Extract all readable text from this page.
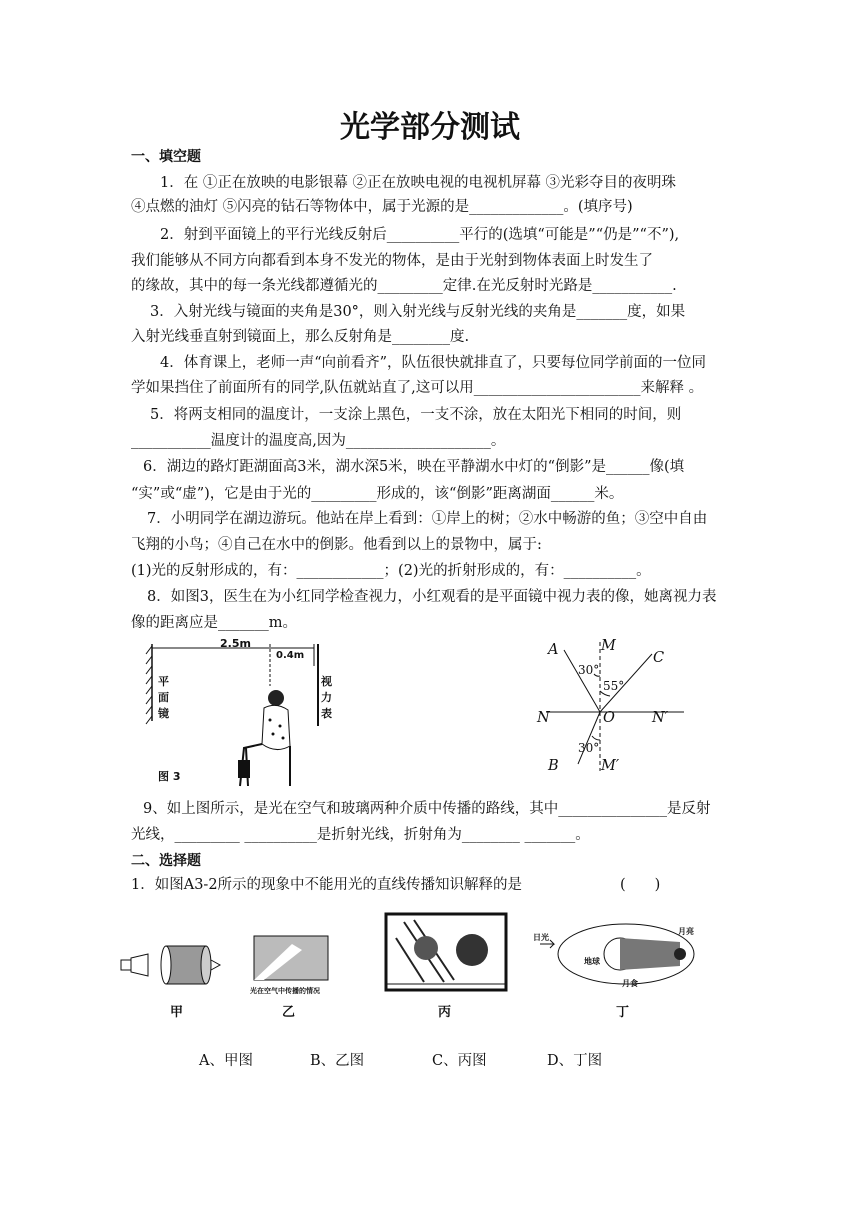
光学部分测试
一、填空题
1．在 ①正在放映的电影银幕 ②正在放映电视的电视机屏幕 ③光彩夺目的夜明珠
④点燃的油灯 ⑤闪亮的钻石等物体中，属于光源的是_____________。(填序号)
2．射到平面镜上的平行光线反射后__________平行的(选填“可能是”“仍是”“不”),
我们能够从不同方向都看到本身不发光的物体，是由于光射到物体表面上时发生了
的缘故，其中的每一条光线都遵循光的_________定律.在光反射时光路是___________.
3．入射光线与镜面的夹角是30°，则入射光线与反射光线的夹角是_______度，如果
入射光线垂直射到镜面上，那么反射角是________度.
4．体育课上，老师一声“向前看齐”，队伍很快就排直了，只要每位同学前面的一位同
学如果挡住了前面所有的同学,队伍就站直了,这可以用_______________________来解释 。
5．将两支相同的温度计，一支涂上黑色，一支不涂，放在太阳光下相同的时间，则
___________温度计的温度高,因为____________________。
6．湖边的路灯距湖面高3米，湖水深5米，映在平静湖水中灯的“倒影”是______像(填
“实”或“虚”)，它是由于光的_________形成的，该“倒影”距离湖面______米。
7．小明同学在湖边游玩。他站在岸上看到：①岸上的树；②水中畅游的鱼；③空中自由
飞翔的小鸟；④自己在水中的倒影。他看到以上的景物中，属于:
(1)光的反射形成的，有：____________；(2)光的折射形成的，有：__________。
8．如图3，医生在为小红同学检查视力，小红观看的是平面镜中视力表的像，她离视力表
像的距离应是_______m。
2.5m
0.4m
平面镜
视力表
图 3
A	M
C
30°
55°
N	O	N′
30°
B	M′
9、如上图所示，是光在空气和玻璃两种介质中传播的路线，其中_______________是反射
光线，_________ __________是折射光线，折射角为________ _______。
二、选择题
1．如图A3-2所示的现象中不能用光的直线传播知识解释的是	(　　)
光在空气中传播的情况
日光
月亮
地球
月食
甲	乙	丙	丁
A、甲图	B、乙图	C、丙图	D、丁图
